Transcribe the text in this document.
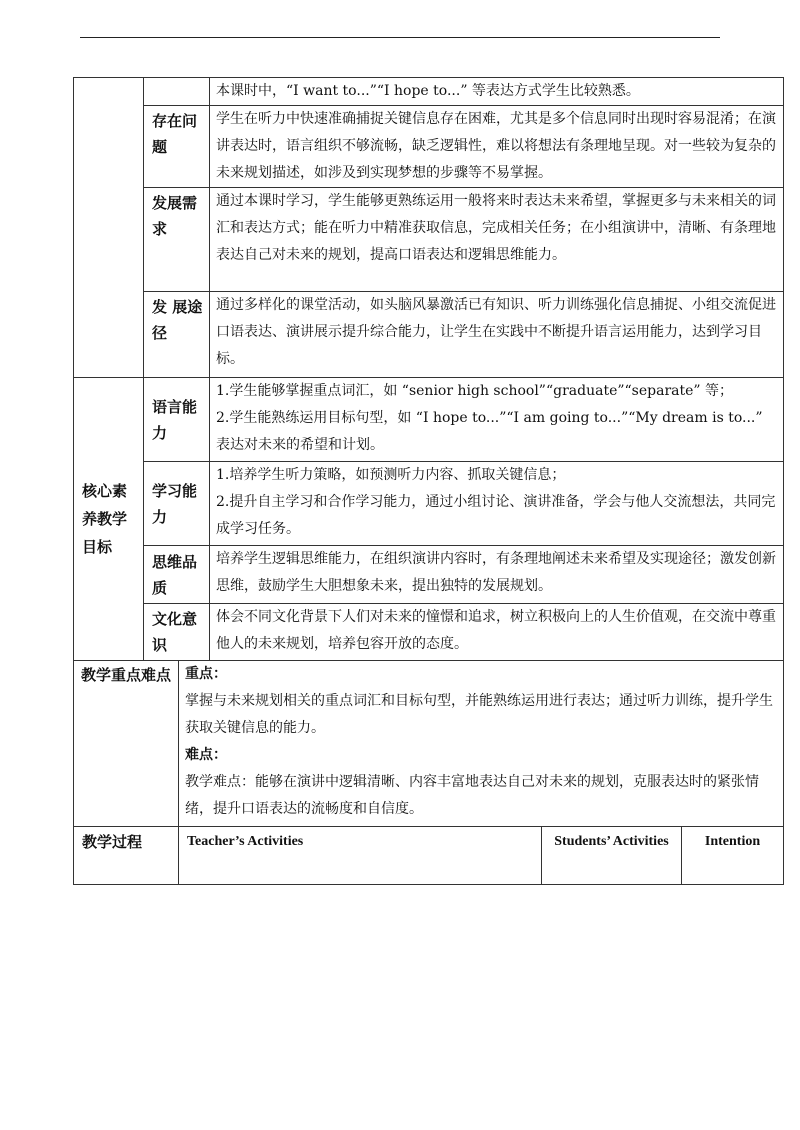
			本课时中，“I want to...”“I hope to...” 等表达方式学生比较熟悉。		
	存在问题		学生在听力中快速准确捕捉关键信息存在困难，尤其是多个信息同时出现时容易混淆；在演讲表达时，语言组织不够流畅，缺乏逻辑性，难以将想法有条理地呈现。对一些较为复杂的未来规划描述，如涉及到实现梦想的步骤等不易掌握。		
	发展需求		通过本课时学习，学生能够更熟练运用一般将来时表达未来希望，掌握更多与未来相关的词汇和表达方式；能在听力中精准获取信息，完成相关任务；在小组演讲中，清晰、有条理地表达自己对未来的规划，提高口语表达和逻辑思维能力。		
	发 展途径		通过多样化的课堂活动，如头脑风暴激活已有知识、听力训练强化信息捕捉、小组交流促进口语表达、演讲展示提升综合能力，让学生在实践中不断提升语言运用能力，达到学习目标。		
核心素养教学目标	语言能力		1.学生能够掌握重点词汇，如 “senior high school”“graduate”“separate” 等；
2.学生能熟练运用目标句型，如 “I hope to...”“I am going to...”“My dream is to...” 表达对未来的希望和计划。		

	学习能力		1.培养学生听力策略，如预测听力内容、抓取关键信息；
2.提升自主学习和合作学习能力，通过小组讨论、演讲准备，学会与他人交流想法，共同完成学习任务。		

	思维品质		培养学生逻辑思维能力，在组织演讲内容时，有条理地阐述未来希望及实现途径；激发创新思维，鼓励学生大胆想象未来，提出独特的发展规划。		
	文化意识		体会不同文化背景下人们对未来的憧憬和追求，树立积极向上的人生价值观，在交流中尊重他人的未来规划，培养包容开放的态度。		
教学重点难点		重点：
掌握与未来规划相关的重点词汇和目标句型，并能熟练运用进行表达；通过听力训练，提升学生获取关键信息的能力。
难点：
教学难点：能够在演讲中逻辑清晰、内容丰富地表达自己对未来的规划，克服表达时的紧张情绪，提升口语表达的流畅度和自信度。			

教学过程		Teacher’s Activities		Students’ Activities	Intention
